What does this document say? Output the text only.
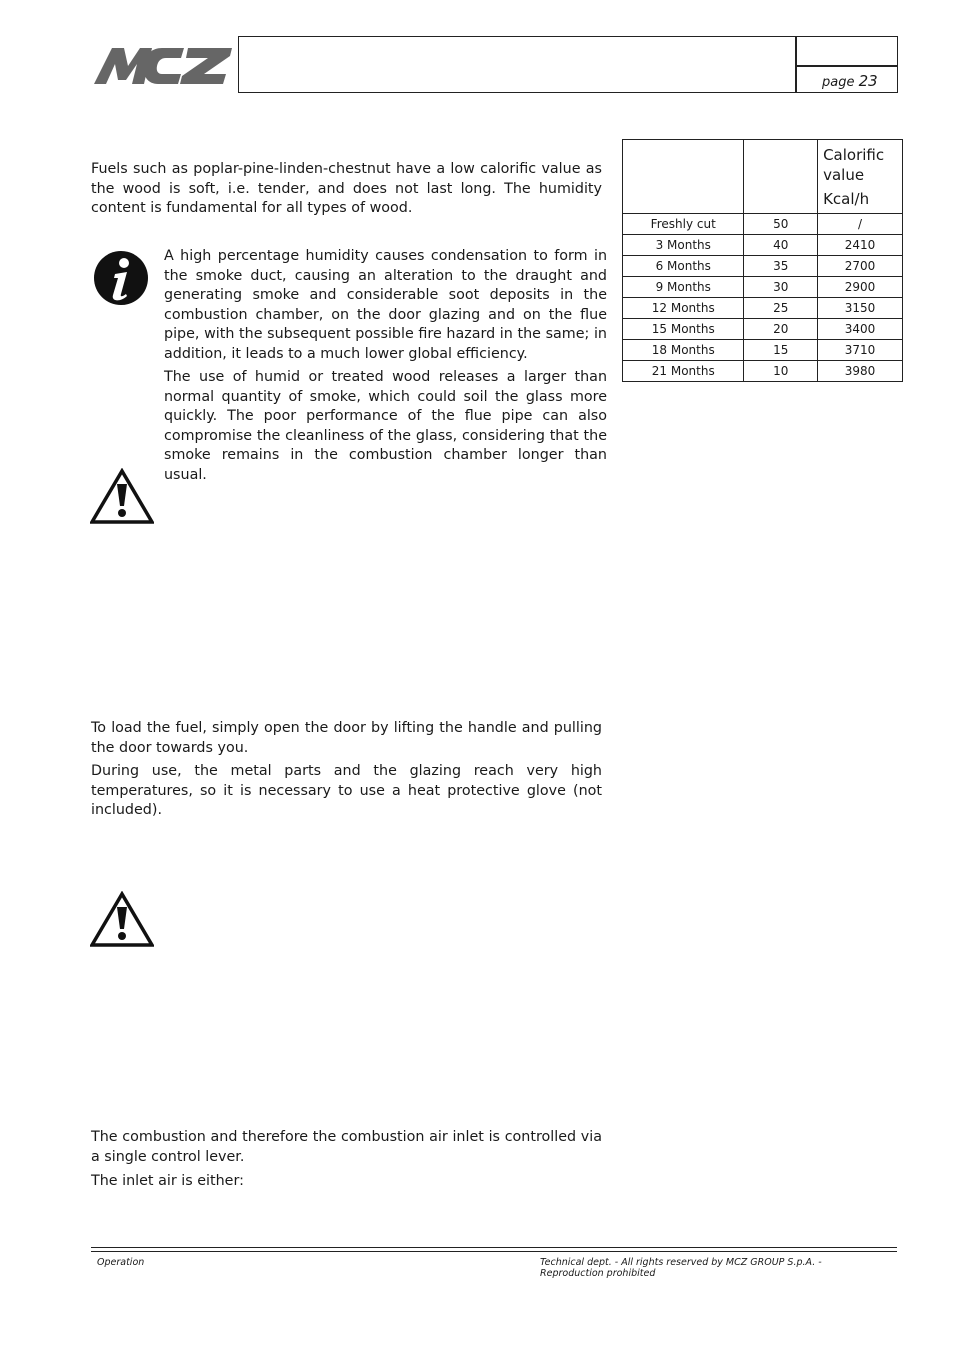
page 23

Fuels such as poplar-pine-linden-chestnut have a low calorific value as the wood is soft, i.e. tender, and does not last long. The humidity content is fundamental for all types of wood.

A high percentage humidity causes condensation to form in the smoke duct, causing an alteration to the draught and generating smoke and considerable soot deposits in the combustion chamber, on the door glazing and on the flue pipe, with the subsequent possible fire hazard in the same; in addition, it leads to a much lower global efficiency.

The use of humid or treated wood releases a larger than normal quantity of smoke, which could soil the glass more quickly. The poor performance of the flue pipe can also compromise the cleanliness of the glass, considering that the smoke remains in the combustion chamber longer than usual.

To load the fuel, simply open the door by lifting the handle and pulling the door towards you.

During use, the metal parts and the glazing reach very high temperatures, so it is necessary to use a heat protective glove (not included).

The combustion and therefore the combustion air inlet is controlled via a single control lever.

The inlet air is either:

		Calorific value
Kcal/h

Freshly cut	50	/
3 Months	40	2410
6 Months	35	2700
9 Months	30	2900
12 Months	25	3150
15 Months	20	3400
18 Months	15	3710
21 Months	10	3980
Operation	Technical dept. - All rights reserved by MCZ GROUP S.p.A. - Reproduction prohibited
